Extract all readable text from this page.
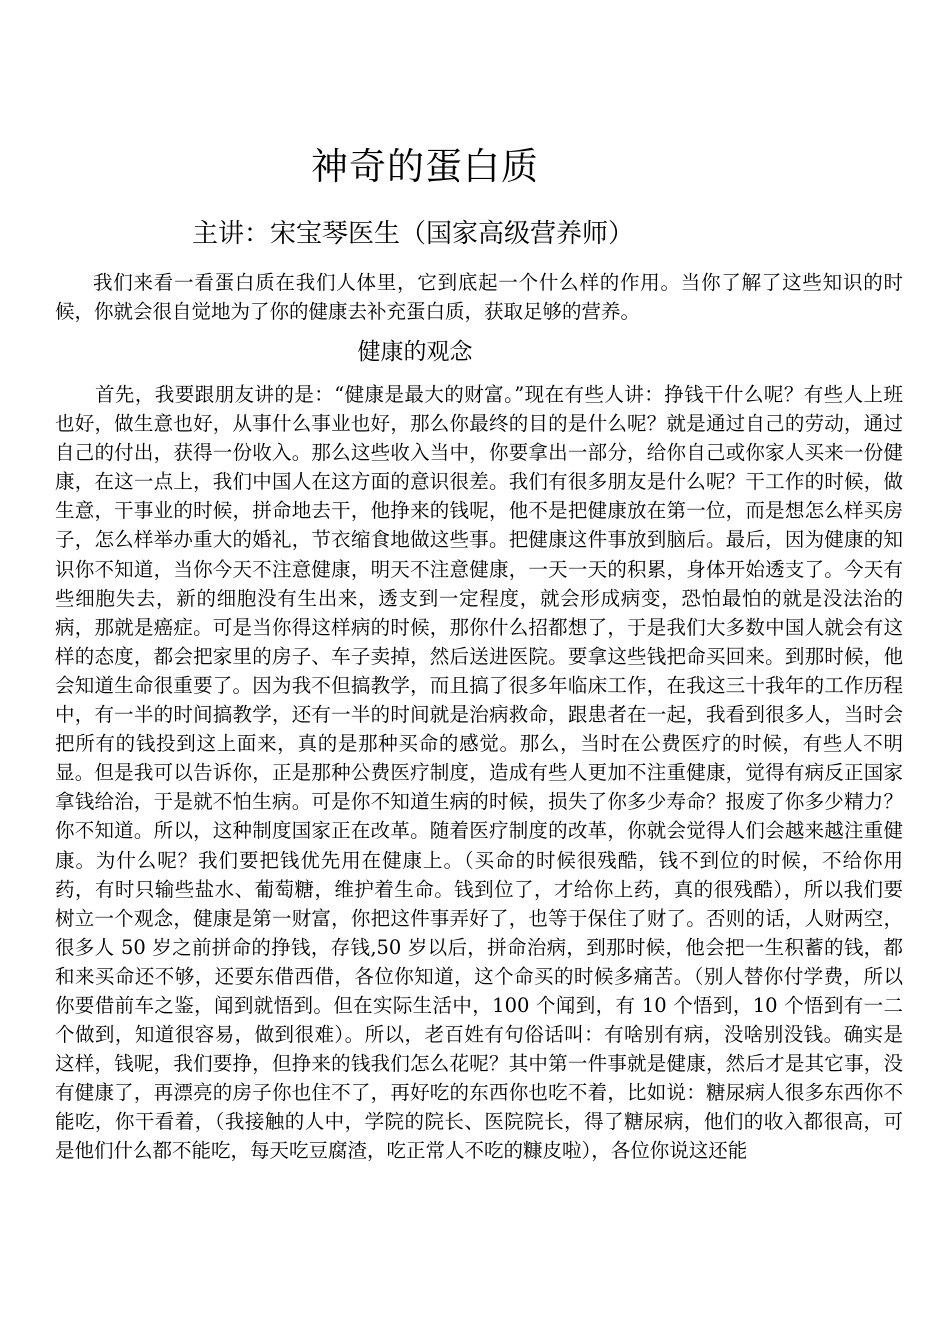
神奇的蛋白质
主讲：宋宝琴医生（国家高级营养师）

我们来看一看蛋白质在我们人体里，它到底起一个什么样的作用。当你了解了这些知识的时候，你就会很自觉地为了你的健康去补充蛋白质，获取足够的营养。

健康的观念

首先，我要跟朋友讲的是：“健康是最大的财富。”现在有些人讲：挣钱干什么呢？有些人上班也好，做生意也好，从事什么事业也好，那么你最终的目的是什么呢？就是通过自己的劳动，通过自己的付出，获得一份收入。那么这些收入当中，你要拿出一部分，给你自己或你家人买来一份健康，在这一点上，我们中国人在这方面的意识很差。我们有很多朋友是什么呢？干工作的时候，做生意，干事业的时候，拼命地去干，他挣来的钱呢，他不是把健康放在第一位，而是想怎么样买房子，怎么样举办重大的婚礼，节衣缩食地做这些事。把健康这件事放到脑后。最后，因为健康的知识你不知道，当你今天不注意健康，明天不注意健康，一天一天的积累，身体开始透支了。今天有些细胞失去，新的细胞没有生出来，透支到一定程度，就会形成病变，恐怕最怕的就是没法治的病，那就是癌症。可是当你得这样病的时候，那你什么招都想了，于是我们大多数中国人就会有这样的态度，都会把家里的房子、车子卖掉，然后送进医院。要拿这些钱把命买回来。到那时候，他会知道生命很重要了。因为我不但搞教学，而且搞了很多年临床工作，在我这三十我年的工作历程中，有一半的时间搞教学，还有一半的时间就是治病救命，跟患者在一起，我看到很多人，当时会把所有的钱投到这上面来，真的是那种买命的感觉。那么，当时在公费医疗的时候，有些人不明显。但是我可以告诉你，正是那种公费医疗制度，造成有些人更加不注重健康，觉得有病反正国家拿钱给治，于是就不怕生病。可是你不知道生病的时候，损失了你多少寿命？报废了你多少精力？你不知道。所以，这种制度国家正在改革。随着医疗制度的改革，你就会觉得人们会越来越注重健康。为什么呢？我们要把钱优先用在健康上。（买命的时候很残酷，钱不到位的时候，不给你用药，有时只输些盐水、葡萄糖，维护着生命。钱到位了，才给你上药，真的很残酷），所以我们要树立一个观念，健康是第一财富，你把这件事弄好了，也等于保住了财了。否则的话，人财两空，很多人 50 岁之前拼命的挣钱，存钱,50 岁以后，拼命治病，到那时候，他会把一生积蓄的钱，都和来买命还不够，还要东借西借，各位你知道，这个命买的时候多痛苦。（别人替你付学费，所以你要借前车之鉴，闻到就悟到。但在实际生活中，100 个闻到，有 10 个悟到，10 个悟到有一二个做到，知道很容易，做到很难）。所以，老百姓有句俗话叫：有啥别有病，没啥别没钱。确实是这样，钱呢，我们要挣，但挣来的钱我们怎么花呢？其中第一件事就是健康，然后才是其它事，没有健康了，再漂亮的房子你也住不了，再好吃的东西你也吃不着，比如说：糖尿病人很多东西你不能吃，你干看着，（我接触的人中，学院的院长、医院院长，得了糖尿病，他们的收入都很高，可是他们什么都不能吃，每天吃豆腐渣，吃正常人不吃的糠皮啦），各位你说这还能
